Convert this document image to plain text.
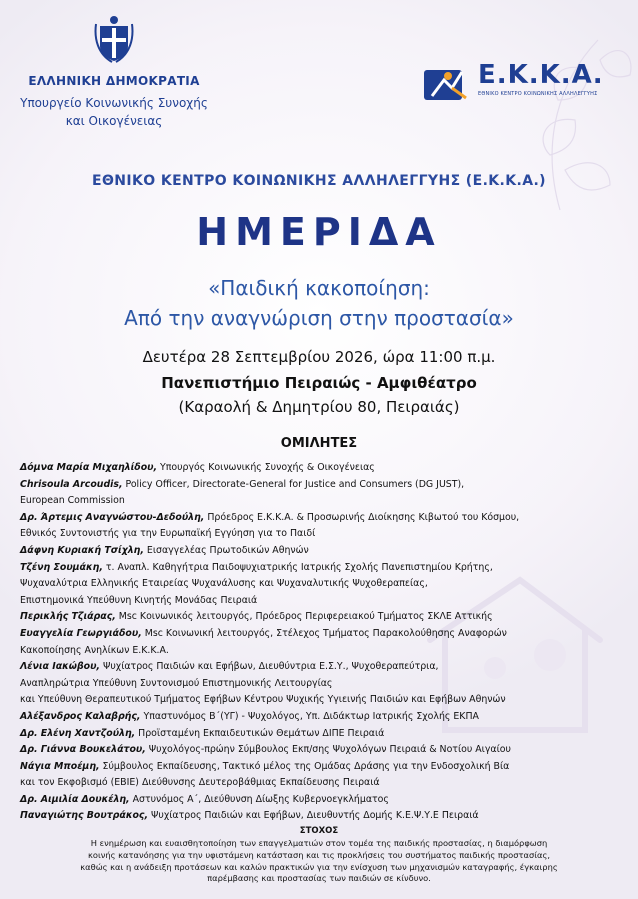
ΕΛΛΗΝΙΚΗ ΔΗΜΟΚΡΑΤΙΑ
Υπουργείο Κοινωνικής Συνοχής
και Οικογένειας
Ε.Κ.Κ.Α.
ΕΘΝΙΚΟ ΚΕΝΤΡΟ ΚΟΙΝΩΝΙΚΗΣ ΑΛΛΗΛΕΓΓΥΗΣ
ΕΘΝΙΚΟ ΚΕΝΤΡΟ ΚΟΙΝΩΝΙΚΗΣ ΑΛΛΗΛΕΓΓΥΗΣ (Ε.Κ.Κ.Α.)
ΗΜΕΡΙΔΑ
«Παιδική κακοποίηση:
Από την αναγνώριση στην προστασία»
Δευτέρα 28 Σεπτεμβρίου 2026, ώρα 11:00 π.μ.
Πανεπιστήμιο Πειραιώς - Αμφιθέατρο
(Καραολή & Δημητρίου 80, Πειραιάς)
ΟΜΙΛΗΤΕΣ
Δόμνα Μαρία Μιχαηλίδου, Υπουργός Κοινωνικής Συνοχής & Οικογένειας
Chrisoula Arcoudis, Policy Officer, Directorate-General for Justice and Consumers (DG JUST),
European Commission
Δρ. Άρτεμις Αναγνώστου-Δεδούλη, Πρόεδρος Ε.Κ.Κ.Α. & Προσωρινής Διοίκησης Κιβωτού του Κόσμου,
Εθνικός Συντονιστής για την Ευρωπαϊκή Εγγύηση για το Παιδί
Δάφνη Κυριακή Τσίχλη, Εισαγγελέας Πρωτοδικών Αθηνών
Τζένη Σουμάκη, τ. Αναπλ. Καθηγήτρια Παιδοψυχιατρικής Ιατρικής Σχολής Πανεπιστημίου Κρήτης,
Ψυχαναλύτρια Ελληνικής Εταιρείας Ψυχανάλυσης και Ψυχαναλυτικής Ψυχοθεραπείας,
Επιστημονικά Υπεύθυνη Κινητής Μονάδας Πειραιά
Περικλής Τζιάρας, Msc Κοινωνικός λειτουργός, Πρόεδρος Περιφερειακού Τμήματος ΣΚΛΕ Αττικής
Ευαγγελία Γεωργιάδου, Msc Κοινωνική λειτουργός, Στέλεχος Τμήματος Παρακολούθησης Αναφορών
Κακοποίησης Ανηλίκων Ε.Κ.Κ.Α.
Λένια Ιακώβου, Ψυχίατρος Παιδιών και Εφήβων, Διευθύντρια Ε.Σ.Υ., Ψυχοθεραπεύτρια,
Αναπληρώτρια Υπεύθυνη Συντονισμού Επιστημονικής Λειτουργίας
και Υπεύθυνη Θεραπευτικού Τμήματος Εφήβων Κέντρου Ψυχικής Υγιεινής Παιδιών και Εφήβων Αθηνών
Αλέξανδρος Καλαβρής, Υπαστυνόμος Β΄(ΥΓ) - Ψυχολόγος, Υπ. Διδάκτωρ Ιατρικής Σχολής ΕΚΠΑ
Δρ. Ελένη Χαντζούλη, Προϊσταμένη Εκπαιδευτικών Θεμάτων ΔΙΠΕ Πειραιά
Δρ. Γιάννα Βουκελάτου, Ψυχολόγος-πρώην Σύμβουλος Εκπ/σης Ψυχολόγων Πειραιά & Νοτίου Αιγαίου
Νάγια Μποέμη, Σύμβουλος Εκπαίδευσης, Τακτικό μέλος της Ομάδας Δράσης για την Ενδοσχολική Βία
και τον Εκφοβισμό (ΕΒΙΕ) Διεύθυνσης Δευτεροβάθμιας Εκπαίδευσης Πειραιά
Δρ. Αιμιλία Δουκέλη, Αστυνόμος Α΄, Διεύθυνση Δίωξης Κυβερνοεγκλήματος
Παναγιώτης Βουτράκος, Ψυχίατρος Παιδιών και Εφήβων, Διευθυντής Δομής Κ.Ε.Ψ.Υ.Ε Πειραιά
ΣΤΟΧΟΣ
Η ενημέρωση και ευαισθητοποίηση των επαγγελματιών στον τομέα της παιδικής προστασίας, η διαμόρφωση
κοινής κατανόησης για την υφιστάμενη κατάσταση και τις προκλήσεις του συστήματος παιδικής προστασίας,
καθώς και η ανάδειξη προτάσεων και καλών πρακτικών για την ενίσχυση των μηχανισμών καταγραφής, έγκαιρης
παρέμβασης και προστασίας των παιδιών σε κίνδυνο.
